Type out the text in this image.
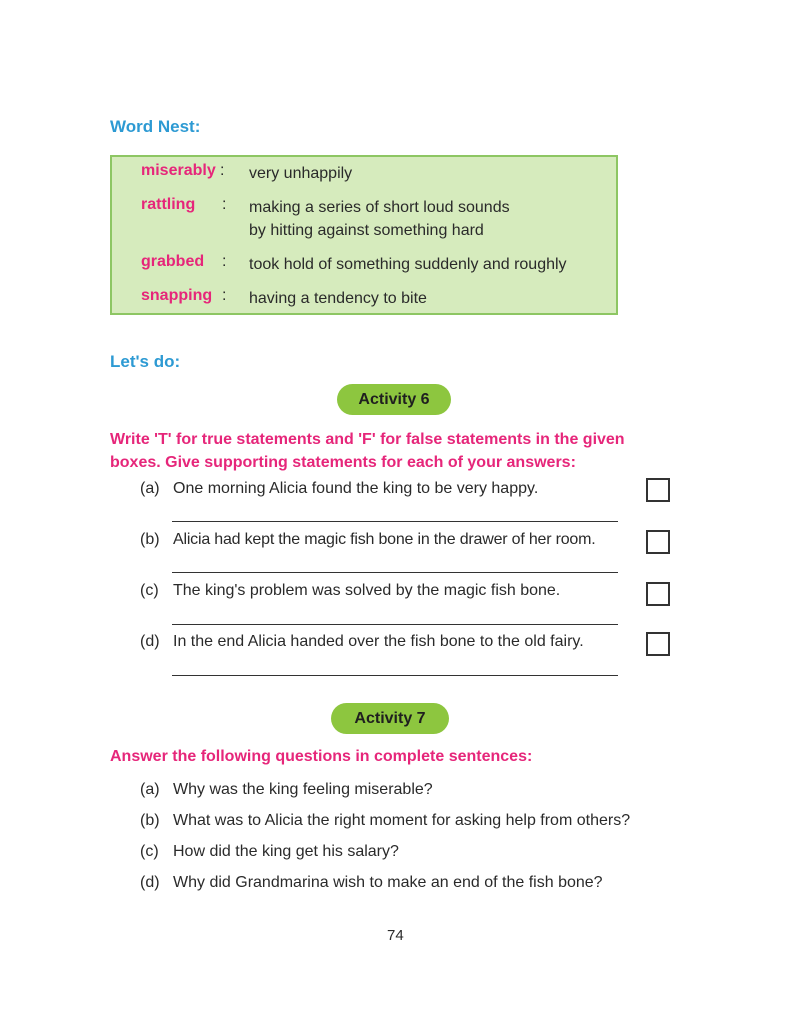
Word Nest:
miserably : very unhappily
rattling : making a series of short loud sounds
by hitting against something hard
grabbed : took hold of something suddenly and roughly
snapping : having a tendency to bite
Let's do:
Activity 6
Write 'T' for true statements and 'F' for false statements in the given
boxes. Give supporting statements for each of your answers:
(a) One morning Alicia found the king to be very happy.
(b) Alicia had kept the magic fish bone in the drawer of her room.
(c) The king's problem was solved by the magic fish bone.
(d) In the end Alicia handed over the fish bone to the old fairy.
Activity 7
Answer the following questions in complete sentences:
(a) Why was the king feeling miserable?
(b) What was to Alicia the right moment for asking help from others?
(c) How did the king get his salary?
(d) Why did Grandmarina wish to make an end of the fish bone?
74
